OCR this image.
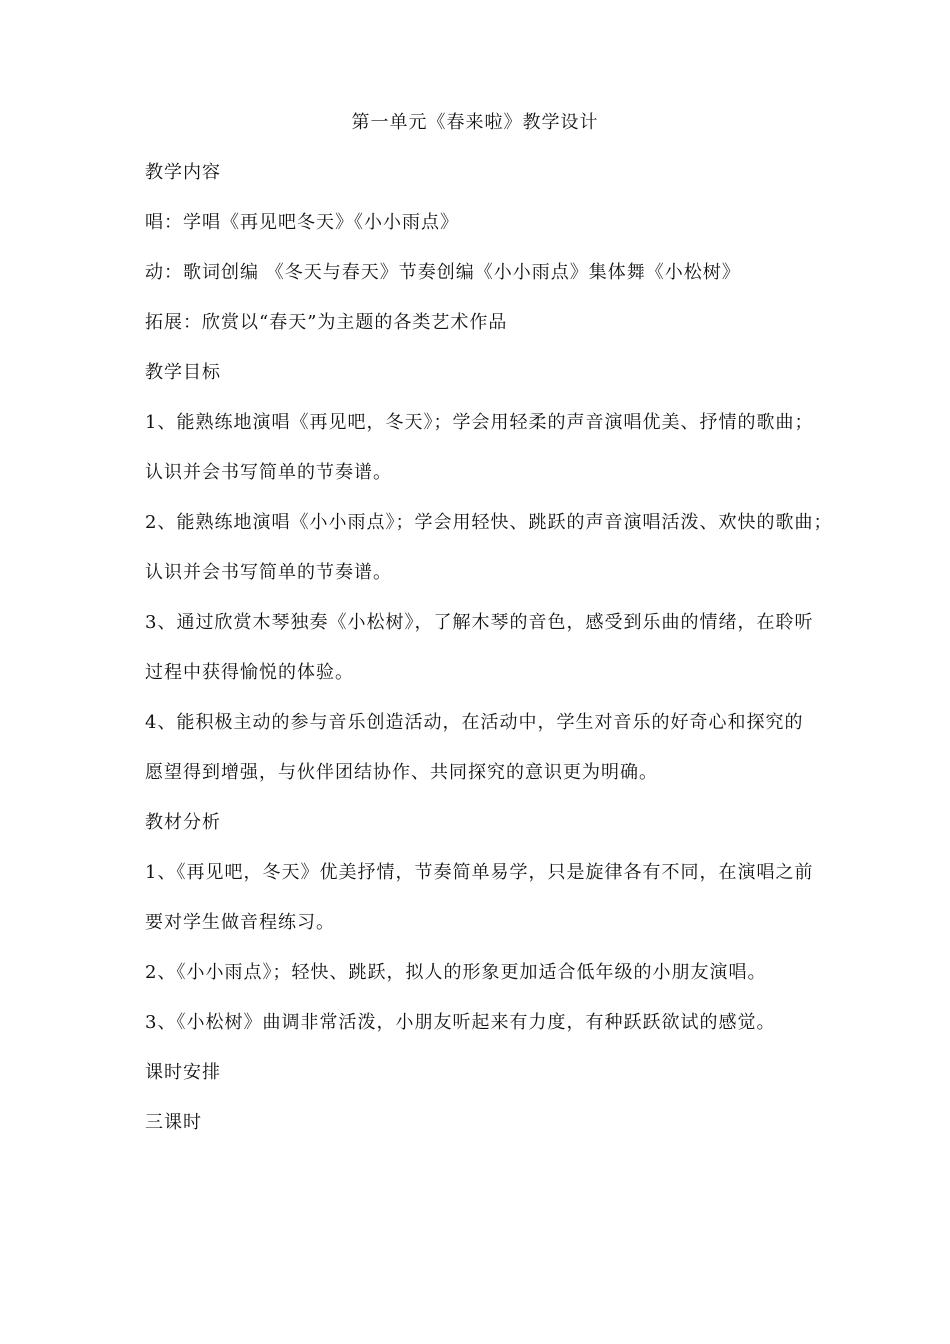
第一单元《春来啦》教学设计
教学内容
唱：学唱《再见吧冬天》《小小雨点》
动：歌词创编 《冬天与春天》节奏创编《小小雨点》集体舞《小松树》
拓展：欣赏以“春天”为主题的各类艺术作品
教学目标
1、能熟练地演唱《再见吧，冬天》；学会用轻柔的声音演唱优美、抒情的歌曲；
认识并会书写简单的节奏谱。
2、能熟练地演唱《小小雨点》；学会用轻快、跳跃的声音演唱活泼、欢快的歌曲；
认识并会书写简单的节奏谱。
3、通过欣赏木琴独奏《小松树》，了解木琴的音色，感受到乐曲的情绪，在聆听
过程中获得愉悦的体验。
4、能积极主动的参与音乐创造活动，在活动中，学生对音乐的好奇心和探究的
愿望得到增强，与伙伴团结协作、共同探究的意识更为明确。
教材分析
1、《再见吧，冬天》优美抒情，节奏简单易学，只是旋律各有不同，在演唱之前
要对学生做音程练习。
2、《小小雨点》；轻快、跳跃，拟人的形象更加适合低年级的小朋友演唱。
3、《小松树》曲调非常活泼，小朋友听起来有力度，有种跃跃欲试的感觉。
课时安排
三课时
